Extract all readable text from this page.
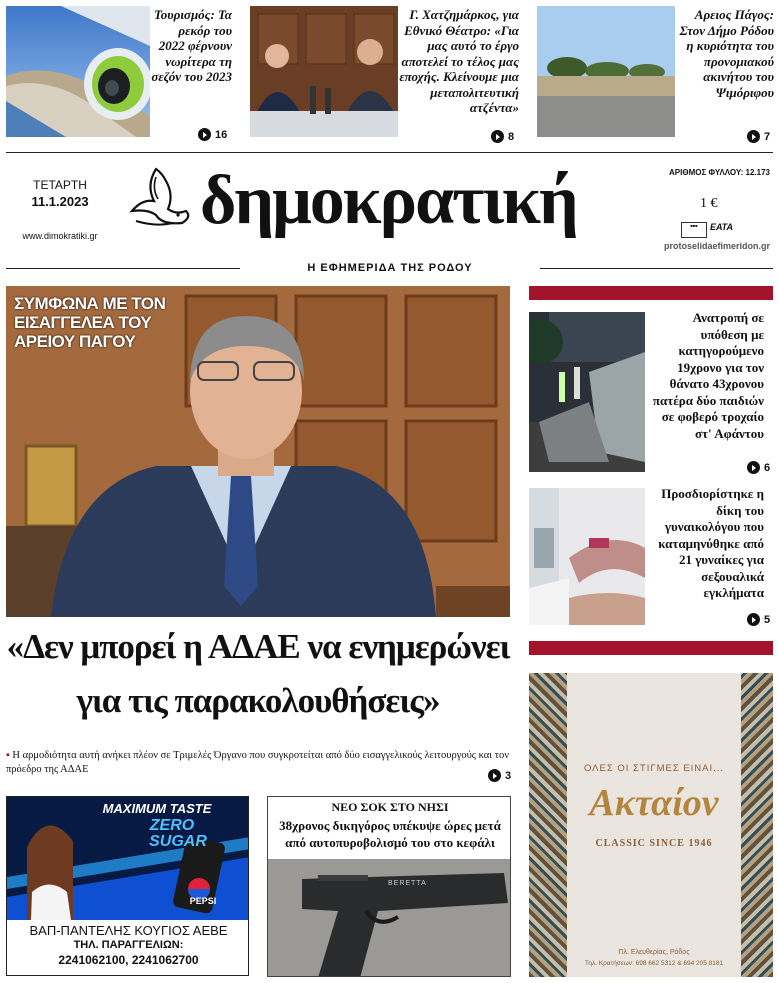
Τουρισμός: Τα ρεκόρ του 2022 φέρνουν νωρίτερα τη σεζόν του 2023
16
Γ. Χατζημάρκος, για Εθνικό Θέατρο: «Για μας αυτό το έργο αποτελεί το τέλος μας εποχής. Κλείνουμε μια μεταπολιτευτική ατζέντα»
8
Αρειος Πάγος: Στον Δήμο Ρόδου η κυριότητα του προνομιακού ακινήτου του Ψιμόριφου
7
ΤΕΤΑΡΤΗ
11.1.2023
www.dimokratiki.gr δημοκρατική	ΑΡΙΘΜΟΣ ΦΥΛΛΟΥ: 12.173
1 €
■■■	ΕΑΤΑ
protoselidaefimeridon.gr
Η ΕΦΗΜΕΡΙΔΑ ΤΗΣ ΡΟΔΟΥ
ΣΥΜΦΩΝΑ ΜΕ ΤΟΝ ΕΙΣΑΓΓΕΛΕΑ ΤΟΥ ΑΡΕΙΟΥ ΠΑΓΟΥ
«Δεν μπορεί η ΑΔΑΕ να ενημερώνει
για τις παρακολουθήσεις»
▪ Η αρμοδιότητα αυτή ανήκει πλέον σε Τριμελές Όργανο που συγκροτείται από δύο εισαγγελικούς λειτουργούς και τον πρόεδρο της ΑΔΑΕ
3
Ανατροπή σε υπόθεση με κατηγορούμενο 19χρονο για τον θάνατο 43χρονου πατέρα δύο παιδιών σε φοβερό τροχαίο στ' Αφάντου
6
Προσδιορίστηκε η δίκη του γυναικολόγου που καταμηνύθηκε από 21 γυναίκες για σεξουαλικά εγκλήματα
5
ΟΛΕΣ ΟΙ ΣΤΙΓΜΕΣ ΕΙΝΑΙ...
Ακταίον
CLASSIC SINCE 1946
Πλ. Ελευθερίας, Ρόδος
Τηλ. Κρατήσεων: 698 662 5312 & 694 205 8181
MAXIMUM TASTE
ZERO
SUGAR
PEPSI
ΒΑΠ-ΠΑΝΤΕΛΗΣ ΚΟΥΓΙΟΣ ΑΕΒΕ
ΤΗΛ. ΠΑΡΑΓΓΕΛΙΩΝ:
2241062100, 2241062700
ΝΕΟ ΣΟΚ ΣΤΟ ΝΗΣΙ
38χρονος δικηγόρος υπέκυψε ώρες μετά από αυτοπυροβολισμό του στο κεφάλι
BERETTA
